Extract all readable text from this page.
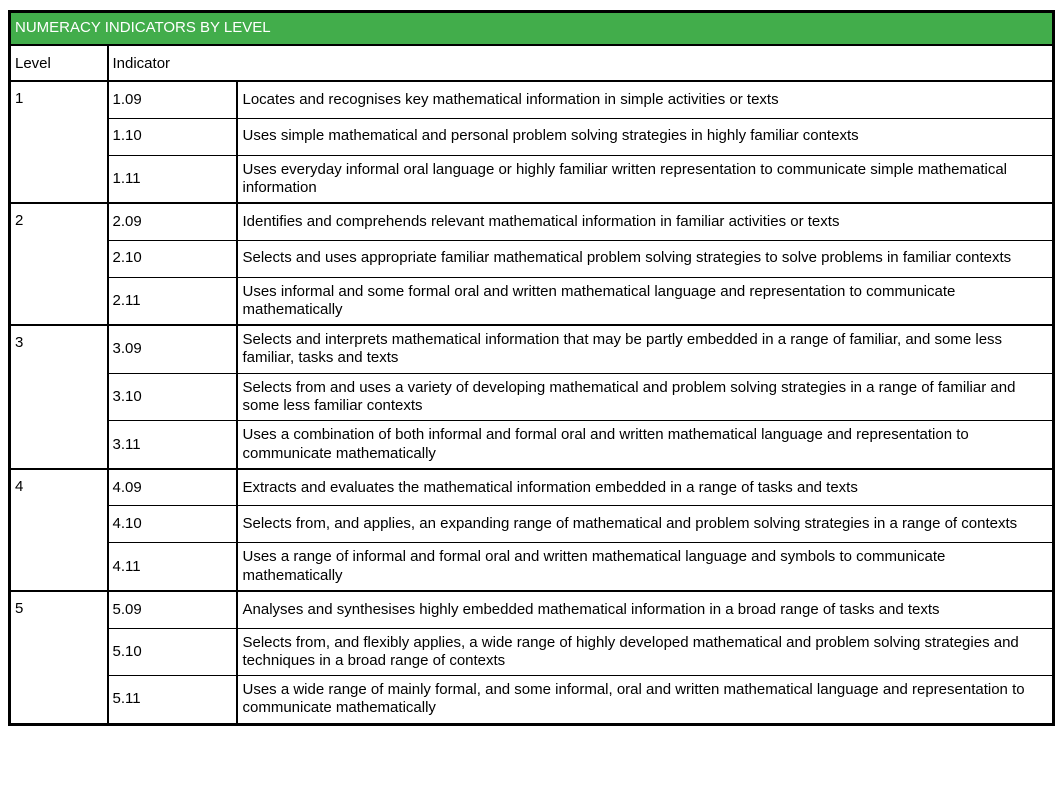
NUMERACY INDICATORS BY LEVEL		
Level	Indicator	
1	1.09	Locates and recognises key mathematical information in simple activities or texts
	1.10	Uses simple mathematical and personal problem solving strategies in highly familiar contexts
	1.11	Uses everyday informal oral language or highly familiar written representation to communicate simple mathematical information
2	2.09	Identifies and comprehends relevant mathematical information in familiar activities or texts
	2.10	Selects and uses appropriate familiar mathematical problem solving strategies to solve problems in familiar contexts
	2.11	Uses informal and some formal oral and written mathematical language and representation to communicate mathematically
3	3.09	Selects and interprets mathematical information that may be partly embedded in a range of familiar, and some less familiar, tasks and texts
	3.10	Selects from and uses a variety of developing mathematical and problem solving strategies in a range of familiar and some less familiar contexts
	3.11	Uses a combination of both informal and formal oral and written mathematical language and representation to communicate mathematically
4	4.09	Extracts and evaluates the mathematical information embedded in a range of tasks and texts
	4.10	Selects from, and applies, an expanding range of mathematical and problem solving strategies in a range of contexts
	4.11	Uses a range of informal and formal oral and written mathematical language and symbols to communicate mathematically
5	5.09	Analyses and synthesises highly embedded mathematical information in a broad range of tasks and texts
	5.10	Selects from, and flexibly applies, a wide range of highly developed mathematical and problem solving strategies and techniques in a broad range of contexts
	5.11	Uses a wide range of mainly formal, and some informal, oral and written mathematical language and representation to communicate mathematically
